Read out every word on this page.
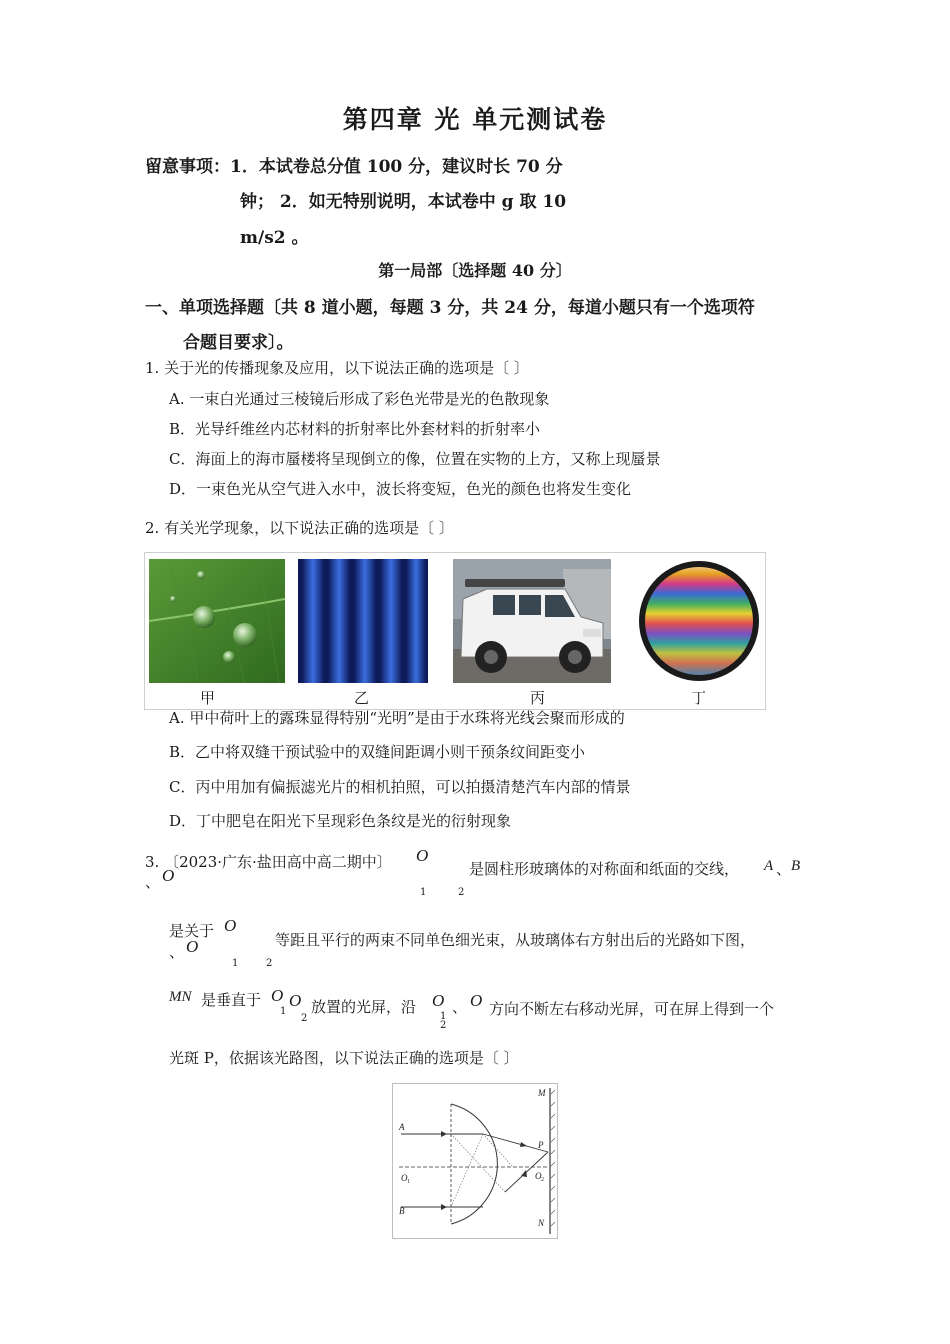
第四章 光 单元测试卷
留意事项：1．本试卷总分值 100 分，建议时长 70 分
钟； 2．如无特别说明，本试卷中 g 取 10
m/s2 。
第一局部〔选择题 40 分〕
一、单项选择题〔共 8 道小题，每题 3 分，共 24 分，每道小题只有一个选项符
合题目要求〕。
1. 关于光的传播现象及应用，以下说法正确的选项是〔 〕
A. 一束白光通过三棱镜后形成了彩色光带是光的色散现象
B．光导纤维丝内芯材料的折射率比外套材料的折射率小
C．海面上的海市蜃楼将呈现倒立的像，位置在实物的上方，又称上现蜃景
D．一束色光从空气进入水中，波长将变短，色光的颜色也将发生变化
2. 有关光学现象，以下说法正确的选项是〔 〕
甲	乙	丙	丁
A. 甲中荷叶上的露珠显得特别“光明”是由于水珠将光线会聚而形成的
B．乙中将双缝干预试验中的双缝间距调小则干预条纹间距变小
C．丙中用加有偏振滤光片的相机拍照，可以拍摄清楚汽车内部的情景
D．丁中肥皂在阳光下呈现彩色条纹是光的衍射现象
3. 〔2023·广东·盐田高中高二期中〕 O
是圆柱形玻璃体的对称面和纸面的交线， A 、 B
、 O
1	2
是关于 O
等距且平行的两束不同单色细光束，从玻璃体右方射出后的光路如下图，
、 O
1	2
MN 是垂直于 O
1
O
2
放置的光屏，沿 O
1
2
、 O 方向不断左右移动光屏，可在屏上得到一个
光斑 P，依据该光路图，以下说法正确的选项是〔 〕
A
B
O 1
O 2
P
M
N
